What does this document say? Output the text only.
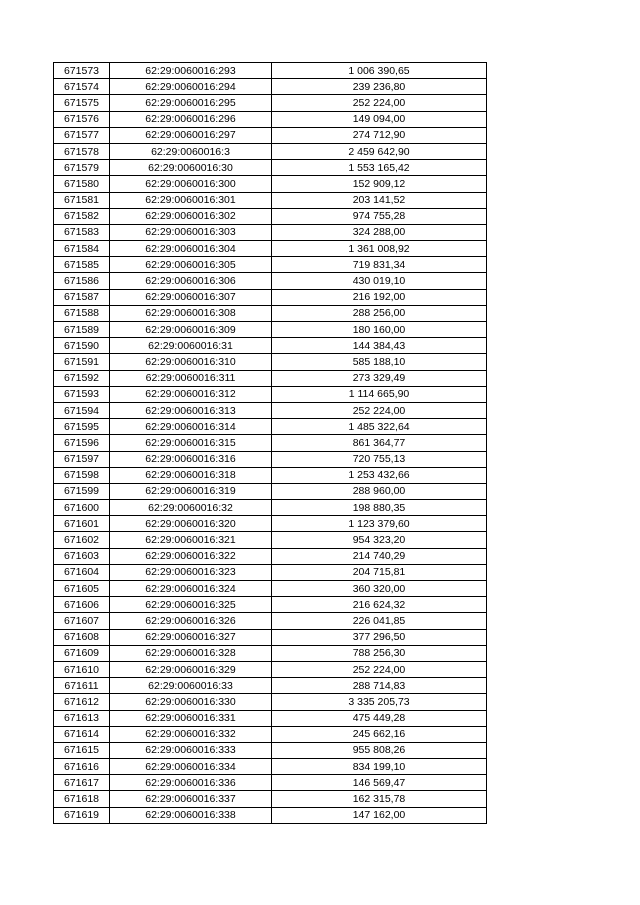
671573	62:29:0060016:293	1 006 390,65
671574	62:29:0060016:294	239 236,80
671575	62:29:0060016:295	252 224,00
671576	62:29:0060016:296	149 094,00
671577	62:29:0060016:297	274 712,90
671578	62:29:0060016:3	2 459 642,90
671579	62:29:0060016:30	1 553 165,42
671580	62:29:0060016:300	152 909,12
671581	62:29:0060016:301	203 141,52
671582	62:29:0060016:302	974 755,28
671583	62:29:0060016:303	324 288,00
671584	62:29:0060016:304	1 361 008,92
671585	62:29:0060016:305	719 831,34
671586	62:29:0060016:306	430 019,10
671587	62:29:0060016:307	216 192,00
671588	62:29:0060016:308	288 256,00
671589	62:29:0060016:309	180 160,00
671590	62:29:0060016:31	144 384,43
671591	62:29:0060016:310	585 188,10
671592	62:29:0060016:311	273 329,49
671593	62:29:0060016:312	1 114 665,90
671594	62:29:0060016:313	252 224,00
671595	62:29:0060016:314	1 485 322,64
671596	62:29:0060016:315	861 364,77
671597	62:29:0060016:316	720 755,13
671598	62:29:0060016:318	1 253 432,66
671599	62:29:0060016:319	288 960,00
671600	62:29:0060016:32	198 880,35
671601	62:29:0060016:320	1 123 379,60
671602	62:29:0060016:321	954 323,20
671603	62:29:0060016:322	214 740,29
671604	62:29:0060016:323	204 715,81
671605	62:29:0060016:324	360 320,00
671606	62:29:0060016:325	216 624,32
671607	62:29:0060016:326	226 041,85
671608	62:29:0060016:327	377 296,50
671609	62:29:0060016:328	788 256,30
671610	62:29:0060016:329	252 224,00
671611	62:29:0060016:33	288 714,83
671612	62:29:0060016:330	3 335 205,73
671613	62:29:0060016:331	475 449,28
671614	62:29:0060016:332	245 662,16
671615	62:29:0060016:333	955 808,26
671616	62:29:0060016:334	834 199,10
671617	62:29:0060016:336	146 569,47
671618	62:29:0060016:337	162 315,78
671619	62:29:0060016:338	147 162,00
